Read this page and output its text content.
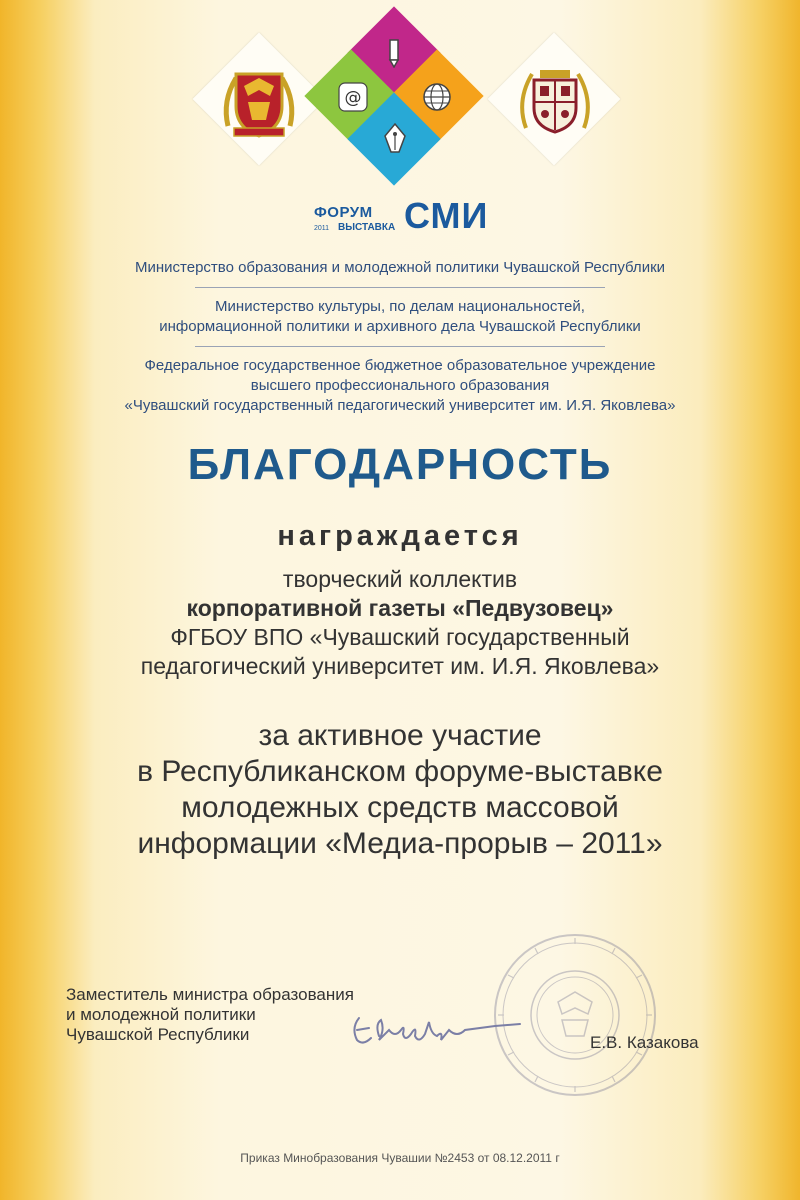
@
ФОРУМ
2011 ВЫСТАВКА СМИ
Министерство образования и молодежной политики Чувашской Республики
Министерство культуры, по делам национальностей,
информационной политики и архивного дела Чувашской Республики
Федеральное государственное бюджетное образовательное учреждение
высшего профессионального образования
«Чувашский государственный педагогический университет им. И.Я. Яковлева»
БЛАГОДАРНОСТЬ
награждается
творческий коллектив
корпоративной газеты «Педвузовец»
ФГБОУ ВПО «Чувашский государственный
педагогический университет им. И.Я. Яковлева»
за активное участие
в Республиканском форуме-выставке
молодежных средств массовой
информации «Медиа-прорыв – 2011»
Заместитель министра образования
и молодежной политики
Чувашской Республики	Е.В. Казакова
Приказ Минобразования Чувашии №2453 от 08.12.2011 г
